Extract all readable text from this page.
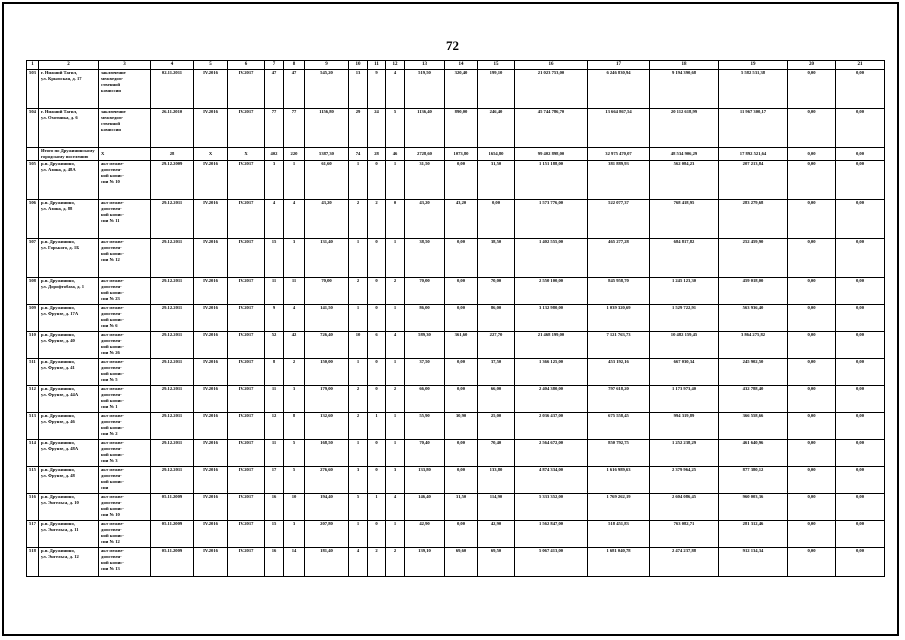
72
1	2	3	4	5	6	7	8	9	10	11	12	13	14	15	16	17	18	19	20	21
503	г. Нижний Тагил,
ул. Крымская, д. 17	заключение
межведом-
ственной
комиссии	02.11.2011	IV.2016	IV.2017	47	47	545,20	13	9	4	519,50	320,40	199,10	21 023 753,00	6 246 830,94	9 194 390,68	5 582 531,38	0,00	0,00
504	г. Нижний Тагил,
ул. Охотника, д. 6	заключение
межведом-
ственной
комиссии	26.11.2010	IV.2016	IV.2017	77	77	1156,80	29	24	5	1136,40	890,00	246,40	45 744 786,70	13 664 867,54	20 112 618,99	11 967 300,17	0,00	0,00
	Итого по Дружининскому
городскому поселению	X	28	X	X	402	220	5387,30	74	28	46	2728,60	1073,80	1654,80	99 402 898,00	32 975 470,07	48 534 906,29	17 892 521,64	0,00	0,00
505	р.п. Дружинино,
ул. Азина, д. 48А	акт межве-
домствен-
ной комис-
сии № 10	29.12.2009	IV.2016	IV.2017	3	1	61,60	1	0	1	31,50	0,00	31,50	1 151 188,00	381 889,93	562 084,23	207 213,84	0,00	0,00
506	р.п. Дружинино,
ул. Азина, д. 88	акт межве-
домствен-
ной комис-
сии № 11	29.12.2011	IV.2016	IV.2017	4	4	43,20	2	2	0	43,20	43,20	0,00	1 573 776,00	522 077,37	768 418,95	283 279,68	0,00	0,00
507	р.п. Дружинино,
ул. Горького, д. 1Б	акт межве-
домствен-
ной комис-
сии № 12	29.12.2011	IV.2016	IV.2017	15	3	131,40	1	0	1	38,50	0,00	38,50	1 402 555,00	465 277,28	684 817,82	252 459,90	0,00	0,00
508	р.п. Дружинино,
ул. Дорофтобаза, д. 1	акт межве-
домствен-
ной комис-
сии № 23	29.12.2011	IV.2016	IV.2017	11	11	70,00	2	0	2	70,00	0,00	70,00	2 550 100,00	845 958,70	1 245 123,30	459 018,00	0,00	0,00
509	р.п. Дружинино,
ул. Фрунзе, д. 17А	акт межве-
домствен-
ной комис-
сии № 6	29.12.2011	IV.2016	IV.2017	9	4	141,50	1	0	1	86,00	0,00	86,00	3 132 980,00	1 039 320,69	1 529 722,91	563 936,40	0,00	0,00
510	р.п. Дружинино,
ул. Фрунзе, д. 40	акт межве-
домствен-
ной комис-
сии № 26	29.12.2011	IV.2016	IV.2017	52	42	726,40	10	6	4	589,30	361,60	227,70	21 468 199,00	7 121 763,73	10 482 159,45	3 864 275,82	0,00	0,00
511	р.п. Дружинино,
ул. Фрунзе, д. 41	акт межве-
домствен-
ной комис-
сии № 5	29.12.2011	IV.2016	IV.2017	8	2	150,00	1	0	1	37,50	0,00	37,50	1 366 125,00	453 192,16	667 030,34	245 902,50	0,00	0,00
512	р.п. Дружинино,
ул. Фрунзе, д. 44А	акт межве-
домствен-
ной комис-
сии № 1	29.12.2011	IV.2016	IV.2017	11	3	179,00	2	0	2	66,00	0,00	66,00	2 404 380,00	797 618,20	1 173 973,40	432 788,40	0,00	0,00
513	р.п. Дружинино,
ул. Фрунзе, д. 46	акт межве-
домствен-
ной комис-
сии № 2	29.12.2011	IV.2016	IV.2017	12	8	132,60	2	1	1	55,90	30,90	25,00	2 036 437,00	675 558,45	994 319,89	366 558,66	0,00	0,00
514	р.п. Дружинино,
ул. Фрунзе, д. 48А	акт межве-
домствен-
ной комис-
сии № 3	29.12.2011	IV.2016	IV.2017	11	5	168,50	1	0	1	70,40	0,00	70,40	2 564 672,00	850 792,75	1 252 238,29	461 640,96	0,00	0,00
515	р.п. Дружинино,
ул. Фрунзе, д. 48	акт межве-
домствен-
ной комис-
сии	29.12.2011	IV.2016	IV.2017	17	5	276,60	3	0	3	133,80	0,00	133,80	4 874 334,00	1 616 989,63	2 379 964,25	877 380,12	0,00	0,00
516	р.п. Дружинино,
ул. Энгельса, д. 10	акт межве-
домствен-
ной комис-
сии № 10	05.11.2009	IV.2016	IV.2017	16	10	194,40	5	1	4	146,40	31,50	114,90	5 333 352,00	1 769 262,19	2 604 086,45	960 003,36	0,00	0,00
517	р.п. Дружинино,
ул. Энгельса, д. 11	акт межве-
домствен-
ной комис-
сии № 12	05.11.2009	IV.2016	IV.2017	15	3	207,80	1	0	1	42,90	0,00	42,90	1 562 847,00	518 451,83	763 082,71	281 312,46	0,00	0,00
518	р.п. Дружинино,
ул. Энгельса, д. 12	акт межве-
домствен-
ной комис-
сии № 13	05.11.2009	IV.2016	IV.2017	16	14	181,40	4	2	2	139,10	69,60	69,50	5 067 413,00	1 681 040,78	2 474 237,88	912 134,34	0,00	0,00
